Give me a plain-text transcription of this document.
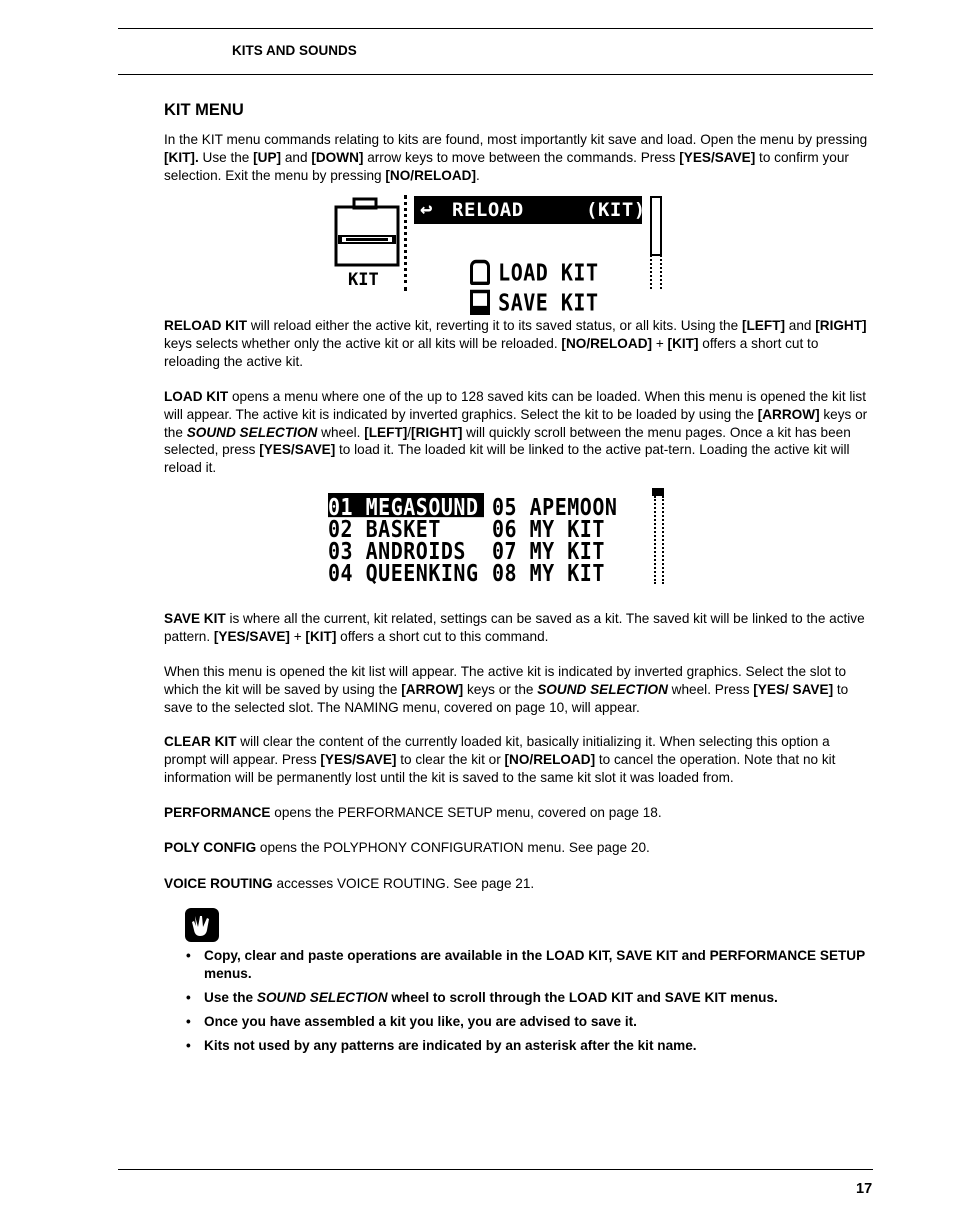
KITS AND SOUNDS
KIT MENU

In the KIT menu commands relating to kits are found, most importantly kit save and load. Open the menu by pressing [KIT]. Use the [UP] and [DOWN] arrow keys to move between the commands. Press [YES/SAVE] to confirm your selection. Exit the menu by pressing [NO/RELOAD].

KIT

↩

RELOAD

	(KIT)

LOAD KIT

SAVE KIT

RELOAD KIT will reload either the active kit, reverting it to its saved status, or all kits. Using the [LEFT] and [RIGHT] keys selects whether only the active kit or all kits will be reloaded. [NO/RELOAD] + [KIT] offers a short cut to reloading the active kit.

LOAD KIT opens a menu where one of the up to 128 saved kits can be loaded. When this menu is opened the kit list will appear. The active kit is indicated by inverted graphics. Select the kit to be loaded by using the [ARROW] keys or the SOUND SELECTION wheel. [LEFT]/[RIGHT] will quickly scroll between the menu pages. Once a kit has been selected, press [YES/SAVE] to load it. The loaded kit will be linked to the active pat-tern. Loading the active kit will reload it.

01 MEGASOUND
02 BASKET
03 ANDROIDS
04 QUEENKING
05 APEMOON
06 MY KIT
07 MY KIT
08 MY KIT

SAVE KIT is where all the current, kit related, settings can be saved as a kit. The saved kit will be linked to the active pattern. [YES/SAVE] + [KIT] offers a short cut to this command.

When this menu is opened the kit list will appear. The active kit is indicated by inverted graphics. Select the slot to which the kit will be saved by using the [ARROW] keys or the SOUND SELECTION wheel. Press [YES/ SAVE] to save to the selected slot. The NAMING menu, covered on page 10, will appear.

CLEAR KIT will clear the content of the currently loaded kit, basically initializing it. When selecting this option a prompt will appear. Press [YES/SAVE] to clear the kit or [NO/RELOAD] to cancel the operation. Note that no kit information will be permanently lost until the kit is saved to the same kit slot it was loaded from.

PERFORMANCE opens the PERFORMANCE SETUP menu, covered on page 18.

POLY CONFIG opens the POLYPHONY CONFIGURATION menu. See page 20.

VOICE ROUTING accesses VOICE ROUTING. See page 21.

• Copy, clear and paste operations are available in the LOAD KIT, SAVE KIT and PERFORMANCE SETUP menus.
• Use the SOUND SELECTION wheel to scroll through the LOAD KIT and SAVE KIT menus.
• Once you have assembled a kit you like, you are advised to save it.
• Kits not used by any patterns are indicated by an asterisk after the kit name.
17
